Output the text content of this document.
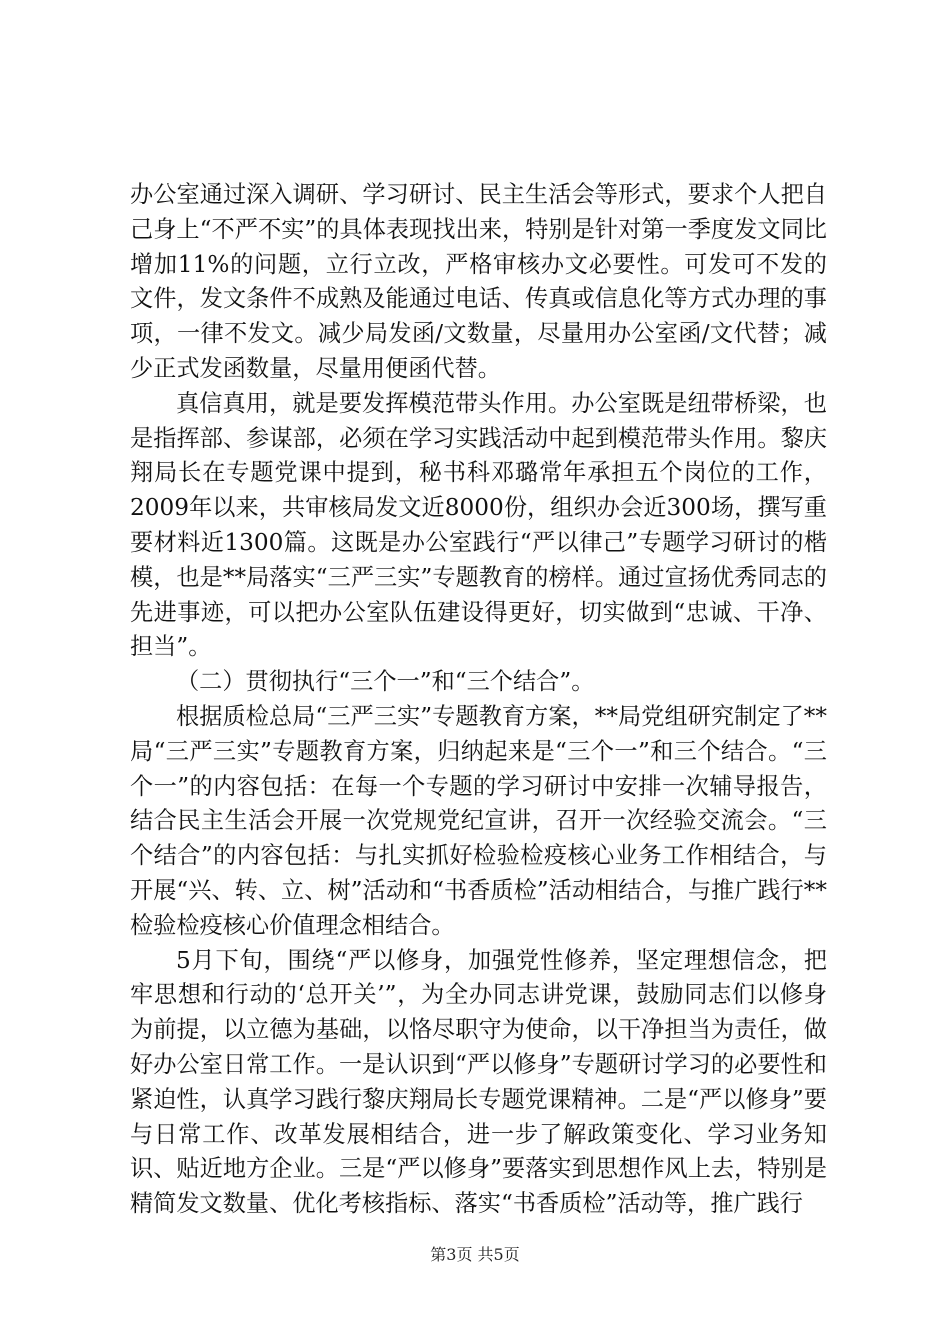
办公室通过深入调研、学习研讨、民主生活会等形式，要求个人把自己身上“不严不实”的具体表现找出来，特别是针对第一季度发文同比增加11%的问题，立行立改，严格审核办文必要性。可发可不发的文件，发文条件不成熟及能通过电话、传真或信息化等方式办理的事项，一律不发文。减少局发函/文数量，尽量用办公室函/文代替；减少正式发函数量，尽量用便函代替。

真信真用，就是要发挥模范带头作用。办公室既是纽带桥梁，也是指挥部、参谋部，必须在学习实践活动中起到模范带头作用。黎庆翔局长在专题党课中提到，秘书科邓璐常年承担五个岗位的工作，2009年以来，共审核局发文近8000份，组织办会近300场，撰写重要材料近1300篇。这既是办公室践行“严以律己”专题学习研讨的楷模，也是**局落实“三严三实”专题教育的榜样。通过宣扬优秀同志的先进事迹，可以把办公室队伍建设得更好，切实做到“忠诚、干净、担当”。

（二）贯彻执行“三个一”和“三个结合”。

根据质检总局“三严三实”专题教育方案，**局党组研究制定了**局“三严三实”专题教育方案，归纳起来是“三个一”和三个结合。“三个一”的内容包括：在每一个专题的学习研讨中安排一次辅导报告，结合民主生活会开展一次党规党纪宣讲，召开一次经验交流会。“三个结合”的内容包括：与扎实抓好检验检疫核心业务工作相结合，与开展“兴、转、立、树”活动和“书香质检”活动相结合，与推广践行**检验检疫核心价值理念相结合。

5月下旬，围绕“严以修身，加强党性修养，坚定理想信念，把牢思想和行动的‘总开关’”，为全办同志讲党课，鼓励同志们以修身为前提，以立德为基础，以恪尽职守为使命，以干净担当为责任，做好办公室日常工作。一是认识到“严以修身”专题研讨学习的必要性和紧迫性，认真学习践行黎庆翔局长专题党课精神。二是“严以修身”要与日常工作、改革发展相结合，进一步了解政策变化、学习业务知识、贴近地方企业。三是“严以修身”要落实到思想作风上去，特别是精简发文数量、优化考核指标、落实“书香质检”活动等，推广践行

第3页 共5页
